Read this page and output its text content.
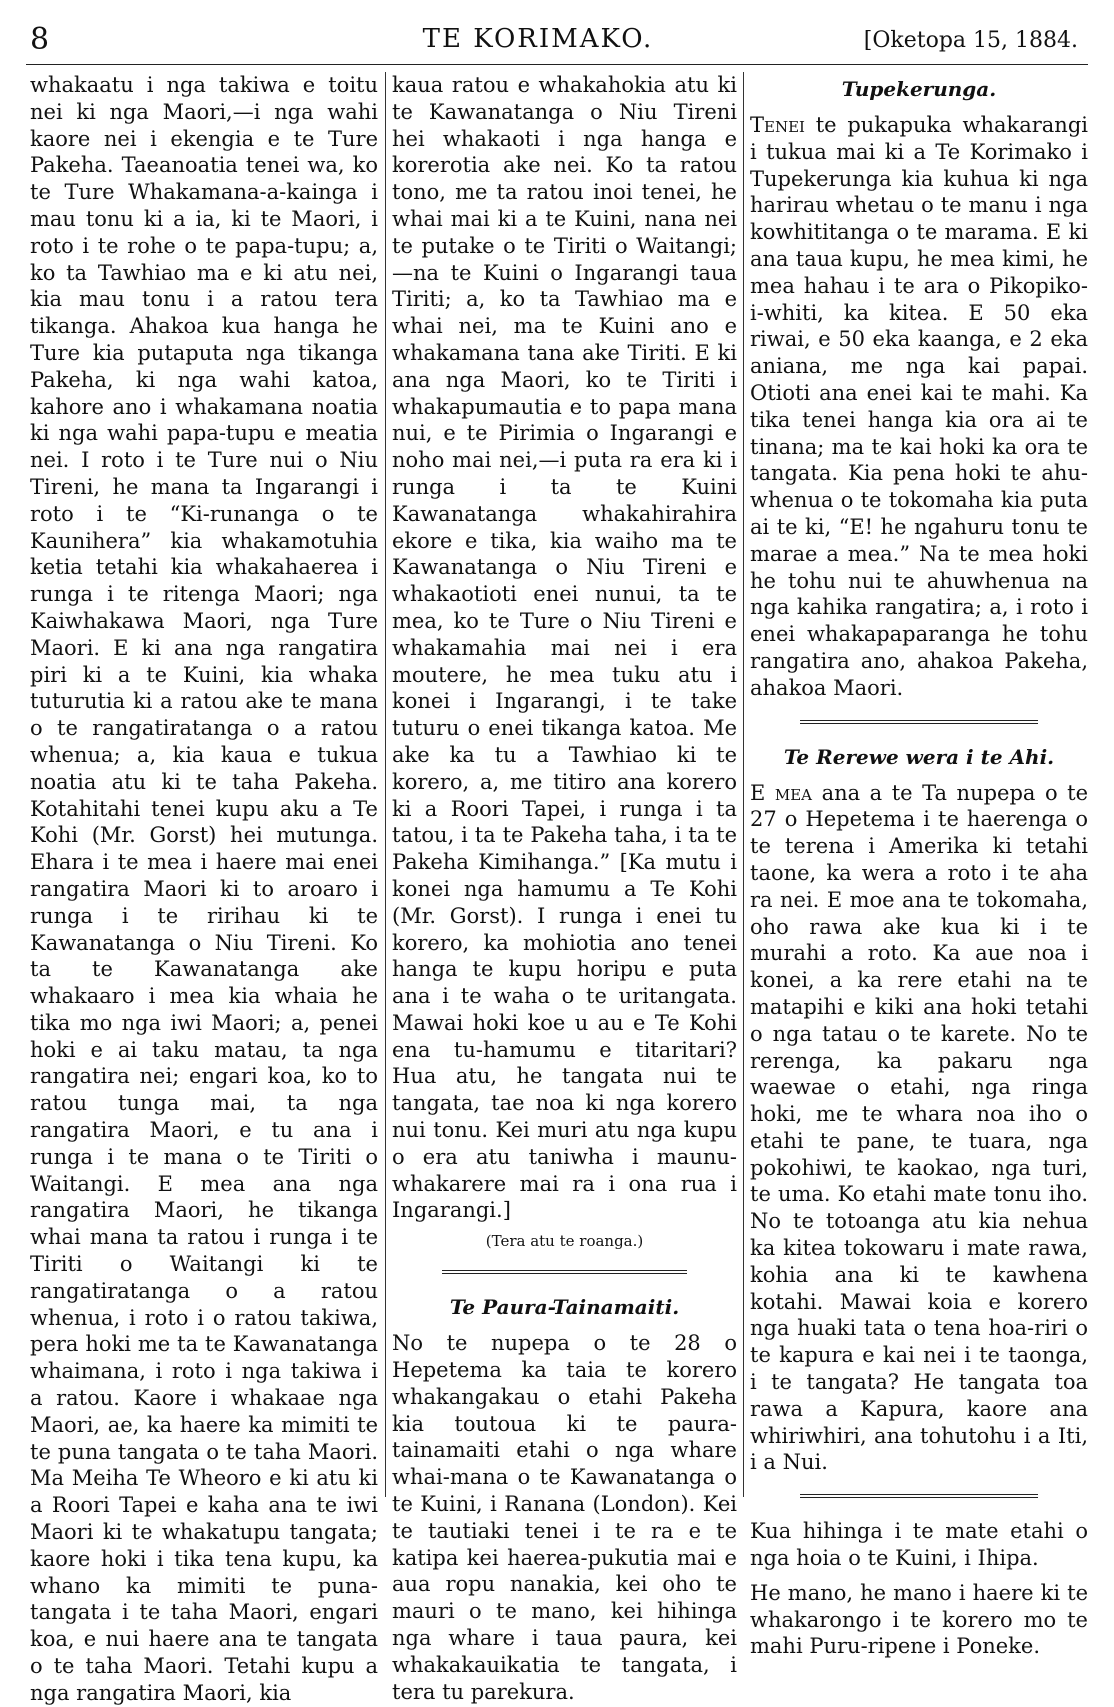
8	TE KORIMAKO.	[Oketopa 15, 1884.

whakaatu i nga takiwa e toitu nei ki nga Maori,—i nga wahi kaore nei i ekengia e te Ture Pakeha. Taeanoatia tenei wa, ko te Ture Whakamana-a-kainga i mau tonu ki a ia, ki te Maori, i roto i te rohe o te papa-tupu; a, ko ta Tawhiao ma e ki atu nei, kia mau tonu i a ratou tera tikanga. Ahakoa kua hanga he Ture kia putaputa nga tikanga Pakeha, ki nga wahi katoa, kahore ano i whakamana noatia ki nga wahi papa-tupu e meatia nei. I roto i te Ture nui o Niu Tireni, he mana ta Ingarangi i roto i te “Ki-runanga o te Kaunihera” kia whakamotuhia ketia tetahi kia whakahaerea i runga i te ritenga Maori; nga Kaiwhakawa Maori, nga Ture Maori. E ki ana nga rangatira piri ki a te Kuini, kia whaka tuturutia ki a ratou ake te mana o te rangatiratanga o a ratou whenua; a, kia kaua e tukua noatia atu ki te taha Pakeha. Kotahitahi tenei kupu aku a Te Kohi (Mr. Gorst) hei mutunga. Ehara i te mea i haere mai enei rangatira Maori ki to aroaro i runga i te ririhau ki te Kawanatanga o Niu Tireni. Ko ta te Kawanatanga ake whakaaro i mea kia whaia he tika mo nga iwi Maori; a, penei hoki e ai taku matau, ta nga rangatira nei; engari koa, ko to ratou tunga mai, ta nga rangatira Maori, e tu ana i runga i te mana o te Tiriti o Waitangi. E mea ana nga rangatira Maori, he tikanga whai mana ta ratou i runga i te Tiriti o Waitangi ki te rangatiratanga o a ratou whenua, i roto i o ratou takiwa, pera hoki me ta te Kawanatanga whaimana, i roto i nga takiwa i a ratou. Kaore i whakaae nga Maori, ae, ka haere ka mimiti te te puna tangata o te taha Maori. Ma Meiha Te Wheoro e ki atu ki a Roori Tapei e kaha ana te iwi Maori ki te whakatupu tangata; kaore hoki i tika tena kupu, ka whano ka mimiti te puna-tangata i te taha Maori, engari koa, e nui haere ana te tangata o te taha Maori. Tetahi kupu a nga rangatira Maori, kia

kaua ratou e whakahokia atu ki te Kawanatanga o Niu Tireni hei whakaoti i nga hanga e korerotia ake nei. Ko ta ratou tono, me ta ratou inoi tenei, he whai mai ki a te Kuini, nana nei te putake o te Tiriti o Waitangi; —na te Kuini o Ingarangi taua Tiriti; a, ko ta Tawhiao ma e whai nei, ma te Kuini ano e whakamana tana ake Tiriti. E ki ana nga Maori, ko te Tiriti i whakapumautia e to papa mana nui, e te Pirimia o Ingarangi e noho mai nei,—i puta ra era ki i runga i ta te Kuini Kawanatanga whakahirahira ekore e tika, kia waiho ma te Kawanatanga o Niu Tireni e whakaotioti enei nunui, ta te mea, ko te Ture o Niu Tireni e whakamahia mai nei i era moutere, he mea tuku atu i konei i Ingarangi, i te take tuturu o enei tikanga katoa. Me ake ka tu a Tawhiao ki te korero, a, me titiro ana korero ki a Roori Tapei, i runga i ta tatou, i ta te Pakeha taha, i ta te Pakeha Kimihanga.” [Ka mutu i konei nga hamumu a Te Kohi (Mr. Gorst). I runga i enei tu korero, ka mohiotia ano tenei hanga te kupu horipu e puta ana i te waha o te uritangata. Mawai hoki koe u au e Te Kohi ena tu-hamumu e titaritari? Hua atu, he tangata nui te tangata, tae noa ki nga korero nui tonu. Kei muri atu nga kupu o era atu taniwha i maunu-whakarere mai ra i ona rua i Ingarangi.]

(Tera atu te roanga.)
Te Paura-Tainamaiti.

No te nupepa o te 28 o Hepetema ka taia te korero whakangakau o etahi Pakeha kia toutoua ki te paura-tainamaiti etahi o nga whare whai-mana o te Kawanatanga o te Kuini, i Ranana (London). Kei te tautiaki tenei i te ra e te katipa kei haerea-pukutia mai e aua ropu nanakia, kei oho te mauri o te mano, kei hihinga nga whare i taua paura, kei whakakauikatia te tangata, i tera tu parekura.

Tupekerunga.

Tenei te pukapuka whakarangi i tukua mai ki a Te Korimako i Tupekerunga kia kuhua ki nga harirau whetau o te manu i nga kowhititanga o te marama. E ki ana taua kupu, he mea kimi, he mea hahau i te ara o Pikopiko-i-whiti, ka kitea. E 50 eka riwai, e 50 eka kaanga, e 2 eka aniana, me nga kai papai. Otioti ana enei kai te mahi. Ka tika tenei hanga kia ora ai te tinana; ma te kai hoki ka ora te tangata. Kia pena hoki te ahu-whenua o te tokomaha kia puta ai te ki, “E! he ngahuru tonu te marae a mea.” Na te mea hoki he tohu nui te ahuwhenua na nga kahika rangatira; a, i roto i enei whakapaparanga he tohu rangatira ano, ahakoa Pakeha, ahakoa Maori.

Te Rerewe wera i te Ahi.

E mea ana a te Ta nupepa o te 27 o Hepetema i te haerenga o te terena i Amerika ki tetahi taone, ka wera a roto i te aha ra nei. E moe ana te tokomaha, oho rawa ake kua ki i te murahi a roto. Ka aue noa i konei, a ka rere etahi na te matapihi e kiki ana hoki tetahi o nga tatau o te karete. No te rerenga, ka pakaru nga waewae o etahi, nga ringa hoki, me te whara noa iho o etahi te pane, te tuara, nga pokohiwi, te kaokao, nga turi, te uma. Ko etahi mate tonu iho. No te totoanga atu kia nehua ka kitea tokowaru i mate rawa, kohia ana ki te kawhena kotahi. Mawai koia e korero nga huaki tata o tena hoa-riri o te kapura e kai nei i te taonga, i te tangata? He tangata toa rawa a Kapura, kaore ana whiriwhiri, ana tohutohu i a Iti, i a Nui.

Kua hihinga i te mate etahi o nga hoia o te Kuini, i Ihipa.

He mano, he mano i haere ki te whakarongo i te korero mo te mahi Puru-ripene i Poneke.
